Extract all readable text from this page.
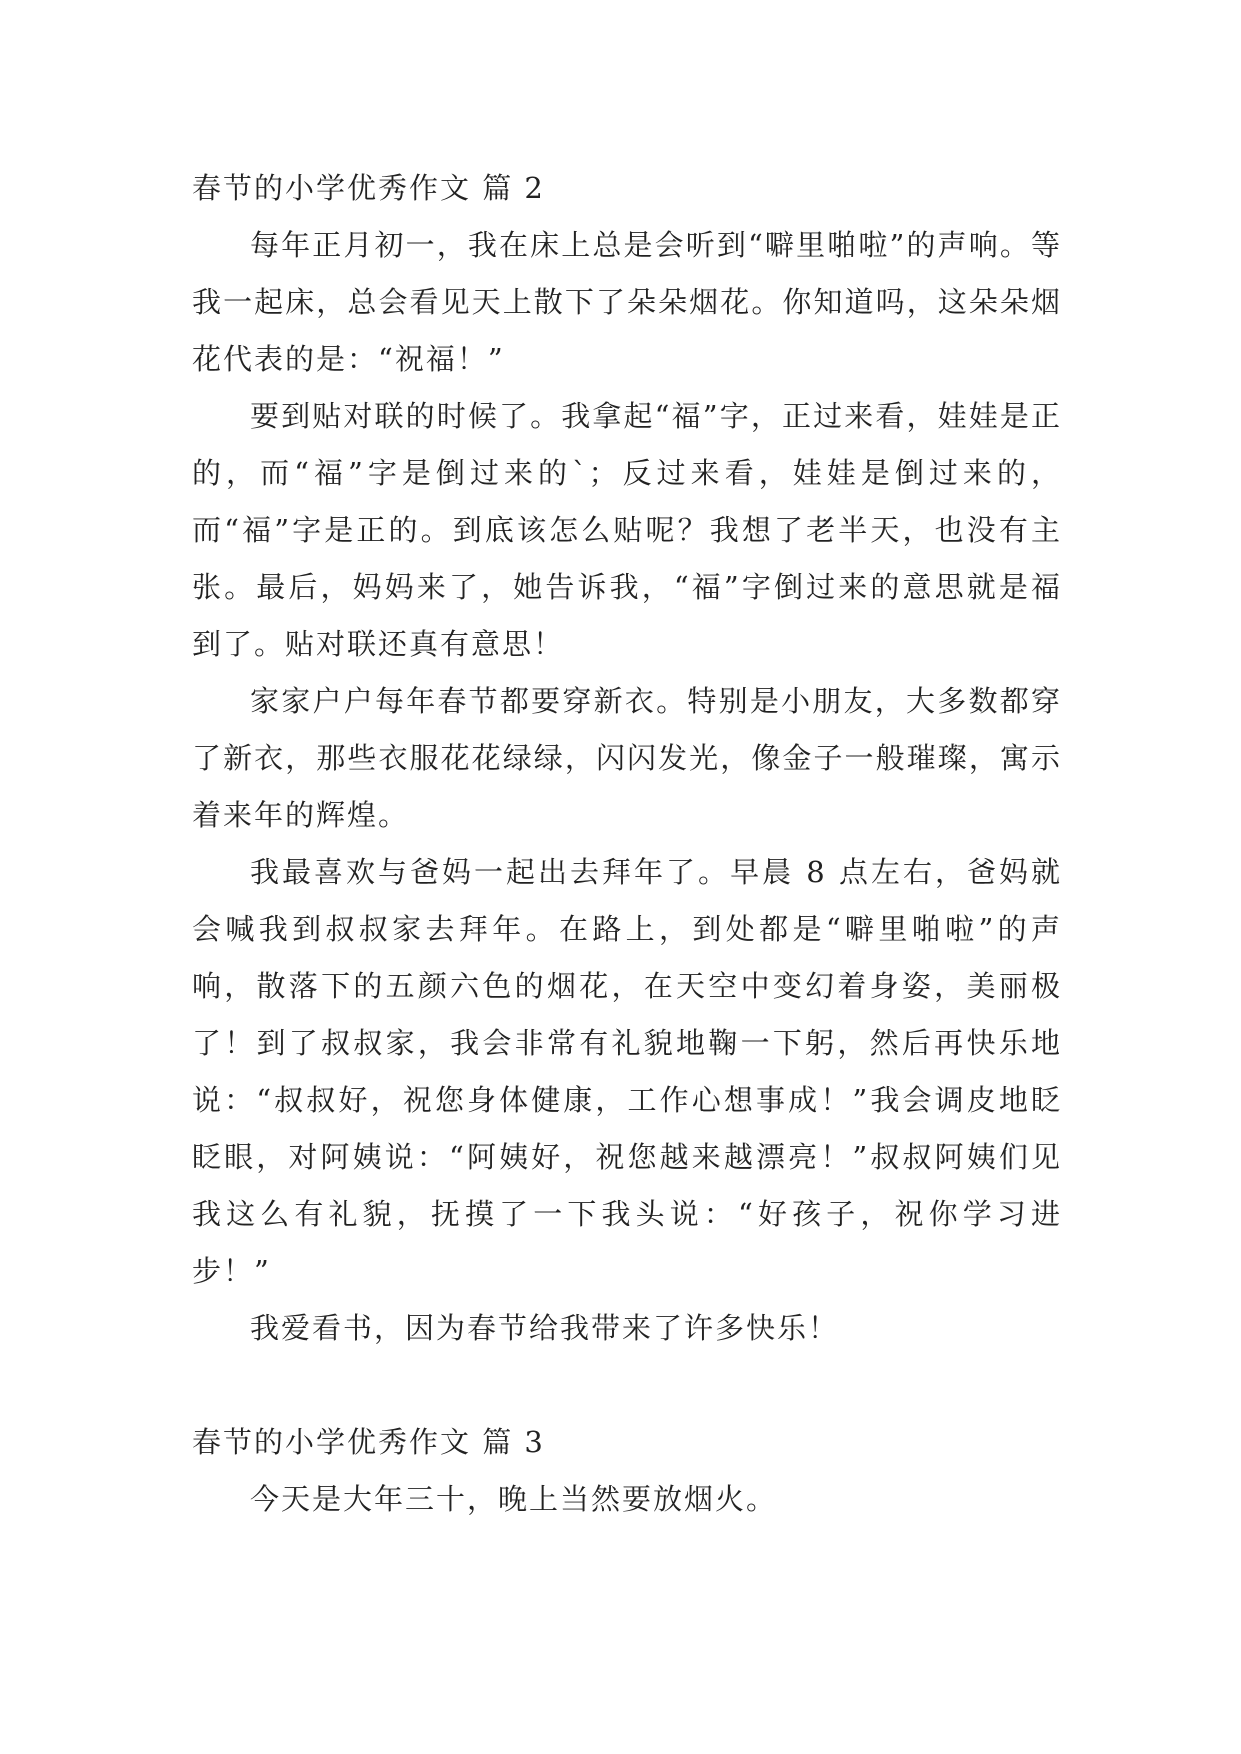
春节的小学优秀作文 篇 2

每年正月初一，我在床上总是会听到“噼里啪啦”的声响。等我一起床，总会看见天上散下了朵朵烟花。你知道吗，这朵朵烟花代表的是：“祝福！”

要到贴对联的时候了。我拿起“福”字，正过来看，娃娃是正的，而“福”字是倒过来的`；反过来看，娃娃是倒过来的，而“福”字是正的。到底该怎么贴呢？我想了老半天，也没有主张。最后，妈妈来了，她告诉我，“福”字倒过来的意思就是福到了。贴对联还真有意思！

家家户户每年春节都要穿新衣。特别是小朋友，大多数都穿了新衣，那些衣服花花绿绿，闪闪发光，像金子一般璀璨，寓示着来年的辉煌。

我最喜欢与爸妈一起出去拜年了。早晨 8 点左右，爸妈就会喊我到叔叔家去拜年。在路上，到处都是“噼里啪啦”的声响，散落下的五颜六色的烟花，在天空中变幻着身姿，美丽极了！到了叔叔家，我会非常有礼貌地鞠一下躬，然后再快乐地说：“叔叔好，祝您身体健康，工作心想事成！”我会调皮地眨眨眼，对阿姨说：“阿姨好，祝您越来越漂亮！”叔叔阿姨们见我这么有礼貌，抚摸了一下我头说：“好孩子，祝你学习进步！”

我爱看书，因为春节给我带来了许多快乐！

春节的小学优秀作文 篇 3

今天是大年三十，晚上当然要放烟火。
